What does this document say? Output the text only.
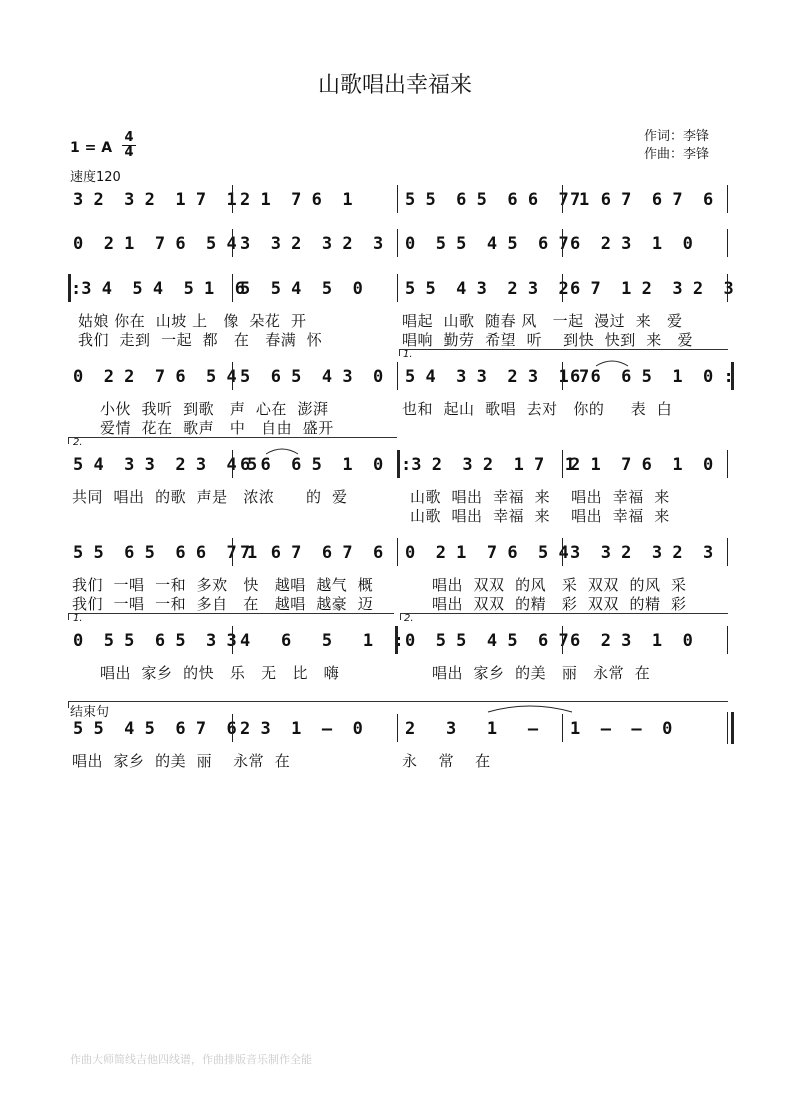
山歌唱出幸福来
1 = A
4
4
速度120
作词：李锋
作曲：李锋
3 2  3 2  1 7  1 2 1  7 6  1	5 5  6 5  6 6  7 1
7  6 7  6 7  6
0  2 1  7 6  5 4 3  3 2  3 2  3 0  5 5  4 5  6 7 6  2 3  1  0
:3 4  5 4  5 1  6
5  5 4  5  0 5 5  4 3  2 3  2 6 7  1 2  3 2  3
姑娘 你在  山坡 上   像  朵花  开	唱起  山歌  随春 风   一起  漫过  来   爱
我们  走到  一起  都   在   春满  怀	唱响  勤劳  希望  听    到快  快到  来   爱
0  2 2  7 6  5 4 5  6 5  4 3  0
1.
5 4  3 3  2 3  1 7
6 6  6 5  1  0 :
小伙  我听  到歌   声  心在  澎湃	也和  起山  歌唱  去对   你的     表  白
爱情  花在  歌声   中   自由  盛开
2.
5 4  3 3  2 3  4 5
6 6  6 5  1  0 :3 2  3 2  1 7  1
2 1  7 6  1  0
共同  唱出  的歌  声是   浓浓      的  爱	山歌  唱出  幸福  来    唱出  幸福  来
山歌  唱出  幸福  来    唱出  幸福  来
5 5  6 5  6 6  7 1
7  6 7  6 7  6 0  2 1  7 6  5 4 3  3 2  3 2  3
我们  一唱  一和  多欢   快   越唱  越气  概	唱出  双双  的风   采  双双  的风  采
我们  一唱  一和  多自   在   越唱  越豪  迈	唱出  双双  的精   彩  双双  的精  彩
1.
0  5 5  6 5  3 3 4   6   5   1  :
2.
0  5 5  4 5  6 7 6  2 3  1  0
唱出  家乡  的快   乐   无   比   嗨	唱出  家乡  的美   丽   永常  在
结束句
5 5  4 5  6 7  6 2 3  1  –  0 2   3   1   – 1  –  –  0
唱出  家乡  的美  丽    永常  在	永    常    在
作曲大师简线吉他四线谱，作曲排版音乐制作全能
